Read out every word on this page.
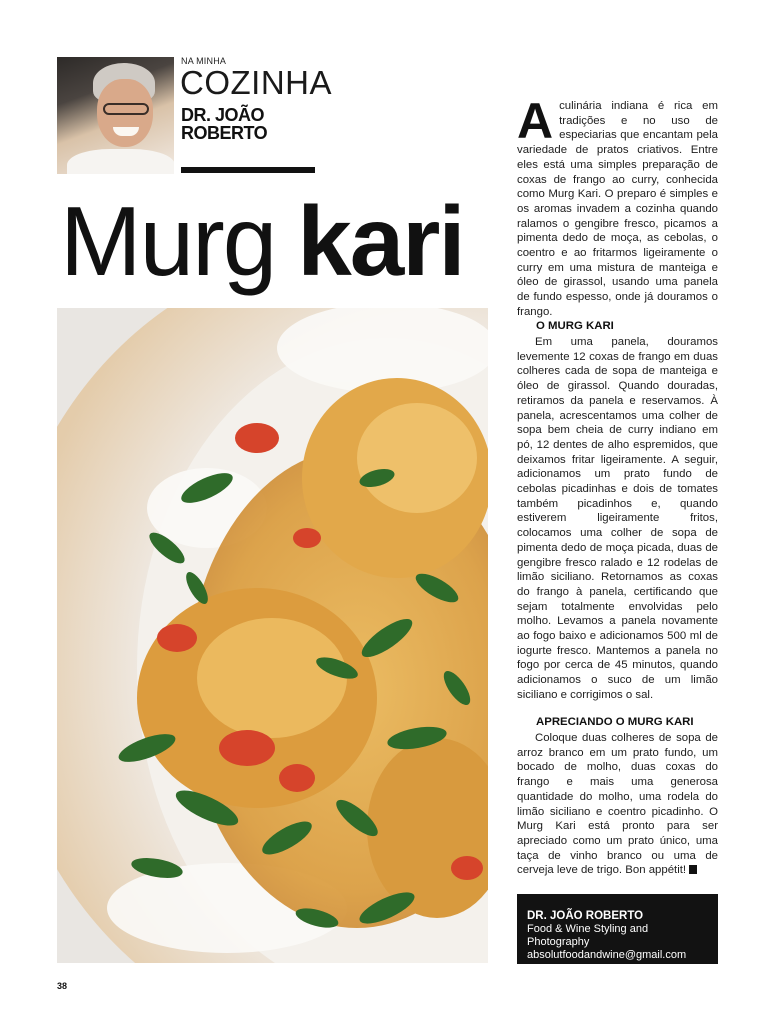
NA MINHA
COZINHA
DR. JOÃO
ROBERTO
Murg kari
Aculinária indiana é rica em tradições e no uso de especiarias que encantam pela variedade de pratos criativos. Entre eles está uma simples preparação de coxas de frango ao curry, conhecida como Murg Kari. O preparo é simples e os aromas invadem a cozinha quando ralamos o gengibre fresco, picamos a pimenta dedo de moça, as cebolas, o coentro e ao fritarmos ligeiramente o curry em uma mistura de manteiga e óleo de girassol, usando uma panela de fundo espesso, onde já douramos o frango.
O MURG KARI

Em uma panela, douramos levemente 12 coxas de frango em duas colheres cada de sopa de manteiga e óleo de girassol. Quando douradas, retiramos da panela e reservamos. À panela, acrescentamos uma colher de sopa bem cheia de curry indiano em pó, 12 dentes de alho espremidos, que deixamos fritar ligeiramente. A seguir, adicionamos um prato fundo de cebolas picadinhas e dois de tomates também picadinhos e, quando estiverem ligeiramente fritos, colocamos uma colher de sopa de pimenta dedo de moça picada, duas de gengibre fresco ralado e 12 rodelas de limão siciliano. Retornamos as coxas do frango à panela, certificando que sejam totalmente envolvidas pelo molho. Levamos a panela novamente ao fogo baixo e adicionamos 500 ml de iogurte fresco. Mantemos a panela no fogo por cerca de 45 minutos, quando adicionamos o suco de um limão siciliano e corrigimos o sal.

APRECIANDO O MURG KARI

Coloque duas colheres de sopa de arroz branco em um prato fundo, um bocado de molho, duas coxas do frango e mais uma generosa quantidade do molho, uma rodela do limão siciliano e coentro picadinho. O Murg Kari está pronto para ser apreciado como um prato único, uma taça de vinho branco ou uma de cerveja leve de trigo. Bon appétit!

DR. JOÃO ROBERTO
Food & Wine Styling and Photography
absolutfoodandwine@gmail.com
38
